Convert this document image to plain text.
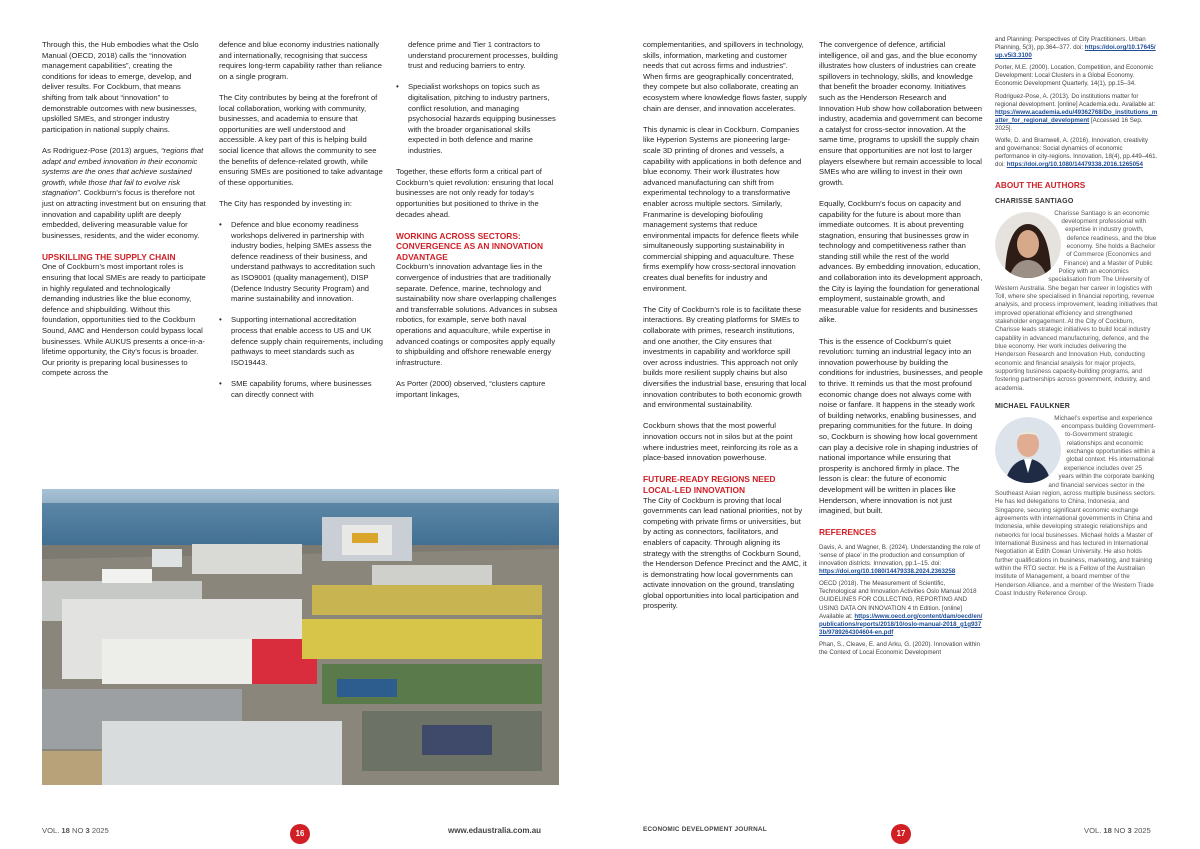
Through this, the Hub embodies what the Oslo Manual (OECD, 2018) calls the “innovation management capabilities”, creating the conditions for ideas to emerge, develop, and deliver results. For Cockburn, that means shifting from talk about “innovation” to demonstrable outcomes with new businesses, upskilled SMEs, and stronger industry participation in national supply chains.

As Rodriguez-Pose (2013) argues, “regions that adapt and embed innovation in their economic systems are the ones that achieve sustained growth, while those that fail to evolve risk stagnation”. Cockburn’s focus is therefore not just on attracting investment but on ensuring that innovation and capability uplift are deeply embedded, delivering measurable value for businesses, residents, and the wider economy.

UPSKILLING THE SUPPLY CHAIN

One of Cockburn’s most important roles is ensuring that local SMEs are ready to participate in highly regulated and technologically demanding industries like the blue economy, defence and shipbuilding. Without this foundation, opportunities tied to the Cockburn Sound, AMC and Henderson could bypass local businesses. While AUKUS presents a once-in-a-lifetime opportunity, the City’s focus is broader. Our priority is preparing local businesses to compete across the

defence and blue economy industries nationally and internationally, recognising that success requires long-term capability rather than reliance on a single program.

The City contributes by being at the forefront of local collaboration, working with community, businesses, and academia to ensure that opportunities are well understood and accessible. A key part of this is helping build social licence that allows the community to see the benefits of defence-related growth, while ensuring SMEs are positioned to take advantage of these opportunities.

The City has responded by investing in:

• Defence and blue economy readiness workshops delivered in partnership with industry bodies, helping SMEs assess the defence readiness of their business, and understand pathways to accreditation such as ISO9001 (quality management), DISP (Defence Industry Security Program) and marine sustainability and innovation.
• Supporting international accreditation process that enable access to US and UK defence supply chain requirements, including pathways to meet standards such as ISO19443.
• SME capability forums, where businesses can directly connect with

defence prime and Tier 1 contractors to understand procurement processes, building trust and reducing barriers to entry.

• Specialist workshops on topics such as digitalisation, pitching to industry partners, conflict resolution, and managing psychosocial hazards equipping businesses with the broader organisational skills expected in both defence and marine industries.

Together, these efforts form a critical part of Cockburn’s quiet revolution: ensuring that local businesses are not only ready for today’s opportunities but positioned to thrive in the decades ahead.

WORKING ACROSS SECTORS: CONVERGENCE AS AN INNOVATION ADVANTAGE

Cockburn’s innovation advantage lies in the convergence of industries that are traditionally separate. Defence, marine, technology and sustainability now share overlapping challenges and transferrable solutions. Advances in subsea robotics, for example, serve both naval operations and aquaculture, while expertise in advanced coatings or composites apply equally to shipbuilding and offshore renewable energy infrastructure.

As Porter (2000) observed, “clusters capture important linkages,

VOL. 18 NO 3 2025	16	www.edaustralia.com.au

complementarities, and spillovers in technology, skills, information, marketing and customer needs that cut across firms and industries”. When firms are geographically concentrated, they compete but also collaborate, creating an ecosystem where knowledge flows faster, supply chain are denser, and innovation accelerates.

This dynamic is clear in Cockburn. Companies like Hyperion Systems are pioneering large-scale 3D printing of drones and vessels, a capability with applications in both defence and blue economy. Their work illustrates how advanced manufacturing can shift from experimental technology to a transformative enabler across multiple sectors. Similarly, Franmarine is developing biofouling management systems that reduce environmental impacts for defence fleets while simultaneously supporting sustainability in commercial shipping and aquaculture. These firms exemplify how cross-sectoral innovation creates dual benefits for industry and environment.

The City of Cockburn’s role is to facilitate these interactions. By creating platforms for SMEs to collaborate with primes, research institutions, and one another, the City ensures that investments in capability and workforce spill over across industries. This approach not only builds more resilient supply chains but also diversifies the industrial base, ensuring that local innovation contributes to both economic growth and environmental sustainability.

Cockburn shows that the most powerful innovation occurs not in silos but at the point where industries meet, reinforcing its role as a place-based innovation powerhouse.

FUTURE-READY REGIONS NEED LOCAL-LED INNOVATION

The City of Cockburn is proving that local governments can lead national priorities, not by competing with private firms or universities, but by acting as connectors, facilitators, and enablers of capacity. Through aligning its strategy with the strengths of Cockburn Sound, the Henderson Defence Precinct and the AMC, it is demonstrating how local governments can activate innovation on the ground, translating global opportunities into local participation and prosperity.

The convergence of defence, artificial intelligence, oil and gas, and the blue economy illustrates how clusters of industries can create spillovers in technology, skills, and knowledge that benefit the broader economy. Initiatives such as the Henderson Research and Innovation Hub show how collaboration between industry, academia and government can become a catalyst for cross-sector innovation. At the same time, programs to upskill the supply chain ensure that opportunities are not lost to larger players elsewhere but remain accessible to local SMEs who are willing to invest in their own growth.

Equally, Cockburn’s focus on capacity and capability for the future is about more than immediate outcomes. It is about preventing stagnation, ensuring that businesses grow in technology and competitiveness rather than standing still while the rest of the world advances. By embedding innovation, education, and collaboration into its development approach, the City is laying the foundation for generational employment, sustainable growth, and measurable value for residents and businesses alike.

This is the essence of Cockburn’s quiet revolution: turning an industrial legacy into an innovation powerhouse by building the conditions for industries, businesses, and people to thrive. It reminds us that the most profound economic change does not always come with noise or fanfare. It happens in the steady work of building networks, enabling businesses, and preparing communities for the future. In doing so, Cockburn is showing how local government can play a decisive role in shaping industries of national importance while ensuring that prosperity is anchored firmly in place. The lesson is clear: the future of economic development will be written in places like Henderson, where innovation is not just imagined, but built.

REFERENCES

Davis, A. and Wagner, B. (2024). Understanding the role of ‘sense of place’ in the production and consumption of innovation districts. Innovation, pp.1–15. doi: https://doi.org/10.1080/14479338.2024.2363258

OECD (2018). The Measurement of Scientific, Technological and Innovation Activities Oslo Manual 2018 GUIDELINES FOR COLLECTING, REPORTING AND USING DATA ON INNOVATION 4 th Edition. [online] Available at: https://www.oecd.org/content/dam/oecd/en/publications/reports/2018/10/oslo-manual-2018_g1g9373b/9789264304604-en.pdf

Phan, S., Cleave, E. and Arku, G. (2020). Innovation within the Context of Local Economic Development

and Planning: Perspectives of City Practitioners. Urban Planning, 5(3), pp.364–377. doi: https://doi.org/10.17645/up.v5i3.3100

Porter, M.E. (2000). Location, Competition, and Economic Development: Local Clusters in a Global Economy. Economic Development Quarterly, 14(1), pp.15–34.

Rodriguez-Pose, A. (2013). Do institutions matter for regional development. [online] Academia.edu. Available at: https://www.academia.edu/49362768/Do_institutions_matter_for_regional_development [Accessed 16 Sep. 2025].

Wolfe, D. and Bramwell, A. (2016). Innovation, creativity and governance: Social dynamics of economic performance in city-regions. Innovation, 18(4), pp.449–461. doi: https://doi.org/10.1080/14479338.2016.1265054

ABOUT THE AUTHORS
CHARISSE SANTIAGO
Charisse Santiago is an economic development professional with expertise in industry growth, defence readiness, and the blue economy. She holds a Bachelor of Commerce (Economics and Finance) and a Master of Public Policy with an economics specialisation from The University of Western Australia. She began her career in logistics with Toll, where she specialised in financial reporting, revenue analysis, and process improvement, leading initiatives that improved operational efficiency and strengthened stakeholder engagement. At the City of Cockburn, Charisse leads strategic initiatives to build local industry capability in advanced manufacturing, defence, and the blue economy. Her work includes delivering the Henderson Research and Innovation Hub, conducting economic and financial analysis for major projects, supporting business capacity-building programs, and fostering partnerships across government, industry, and academia.
MICHAEL FAULKNER
Michael’s expertise and experience encompass building Government-to-Government strategic relationships and economic exchange opportunities within a global context. His international experience includes over 25 years within the corporate banking and financial services sector in the Southeast Asian region, across multiple business sectors. He has led delegations to China, Indonesia, and Singapore, securing significant economic exchange agreements with international governments in China and Indonesia, while developing strategic relationships and networks for local businesses. Michael holds a Master of International Business and has lectured in International Negotiation at Edith Cowan University. He also holds further qualifications in business, marketing, and training within the RTO sector. He is a Fellow of the Australian Institute of Management, a board member of the Henderson Alliance, and a member of the Western Trade Coast Industry Reference Group.
ECONOMIC DEVELOPMENT JOURNAL	17	VOL. 18 NO 3 2025
